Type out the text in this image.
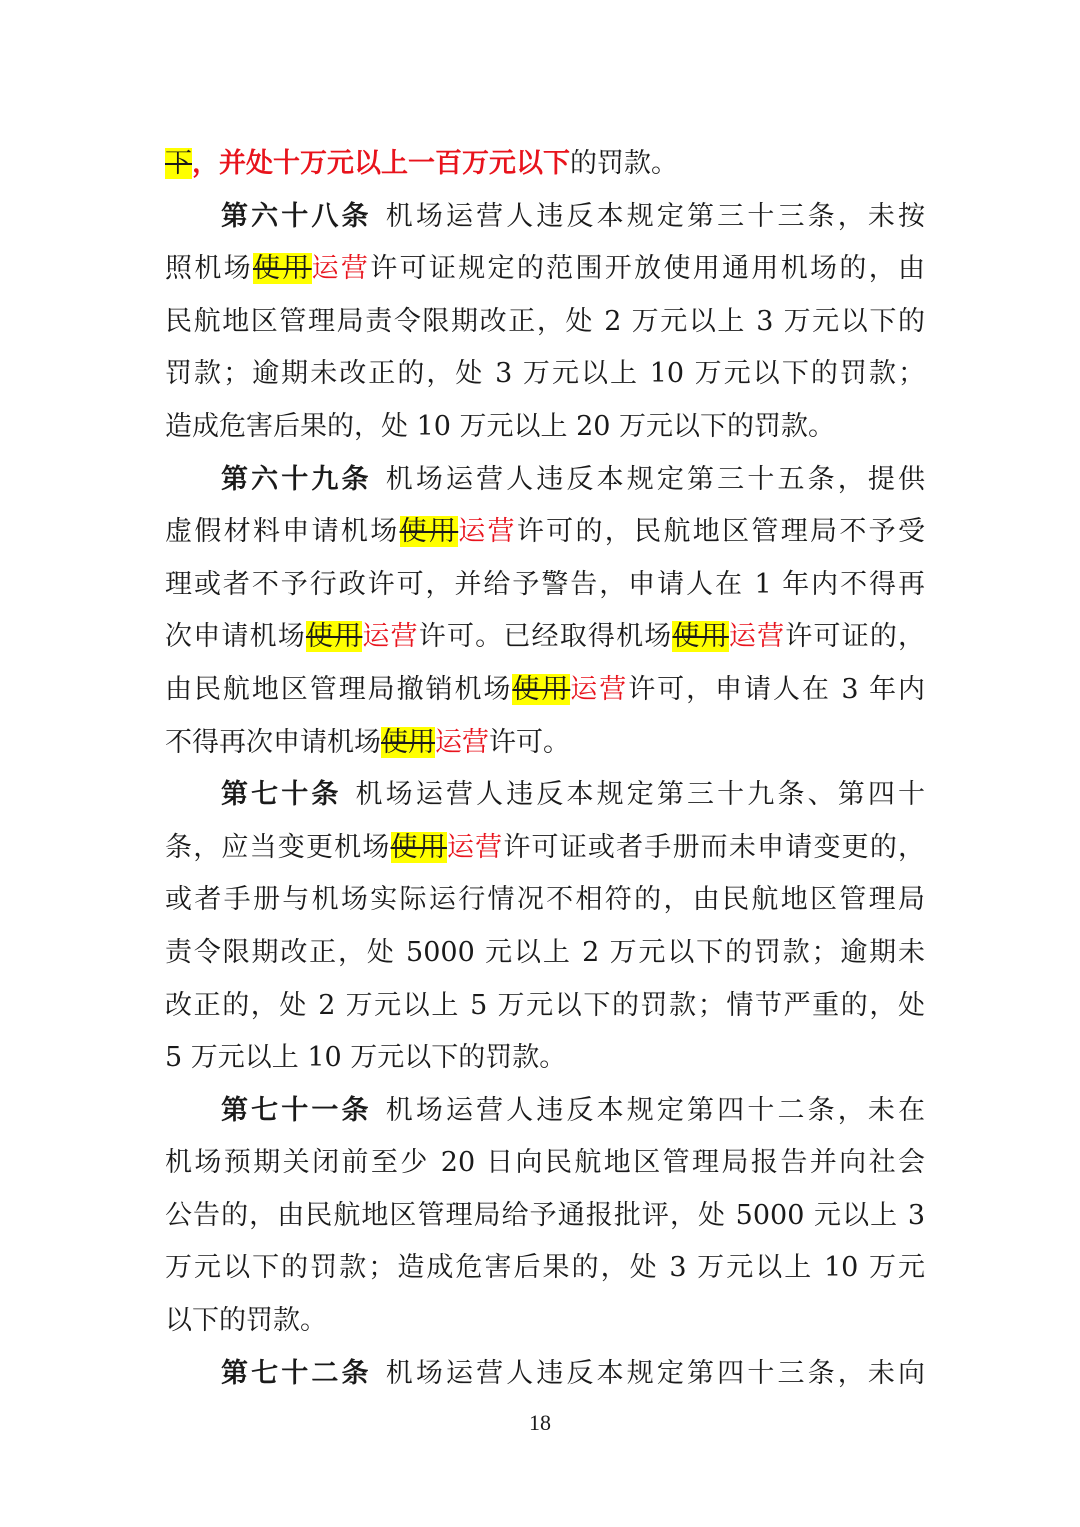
下，并处十万元以上一百万元以下的罚款。
第六十八条 机场运营人违反本规定第三十三条，未按
照机场使用运营许可证规定的范围开放使用通用机场的，由
民航地区管理局责令限期改正，处 2 万元以上 3 万元以下的
罚款；逾期未改正的，处 3 万元以上 10 万元以下的罚款；
造成危害后果的，处 10 万元以上 20 万元以下的罚款。
第六十九条 机场运营人违反本规定第三十五条，提供
虚假材料申请机场使用运营许可的，民航地区管理局不予受
理或者不予行政许可，并给予警告，申请人在 1 年内不得再
次申请机场使用运营许可。已经取得机场使用运营许可证的，
由民航地区管理局撤销机场使用运营许可，申请人在 3 年内
不得再次申请机场使用运营许可。
第七十条 机场运营人违反本规定第三十九条、第四十
条，应当变更机场使用运营许可证或者手册而未申请变更的，
或者手册与机场实际运行情况不相符的，由民航地区管理局
责令限期改正，处 5000 元以上 2 万元以下的罚款；逾期未
改正的，处 2 万元以上 5 万元以下的罚款；情节严重的，处
5 万元以上 10 万元以下的罚款。
第七十一条 机场运营人违反本规定第四十二条，未在
机场预期关闭前至少 20 日向民航地区管理局报告并向社会
公告的，由民航地区管理局给予通报批评，处 5000 元以上 3
万元以下的罚款；造成危害后果的，处 3 万元以上 10 万元
以下的罚款。
第七十二条 机场运营人违反本规定第四十三条，未向
18
